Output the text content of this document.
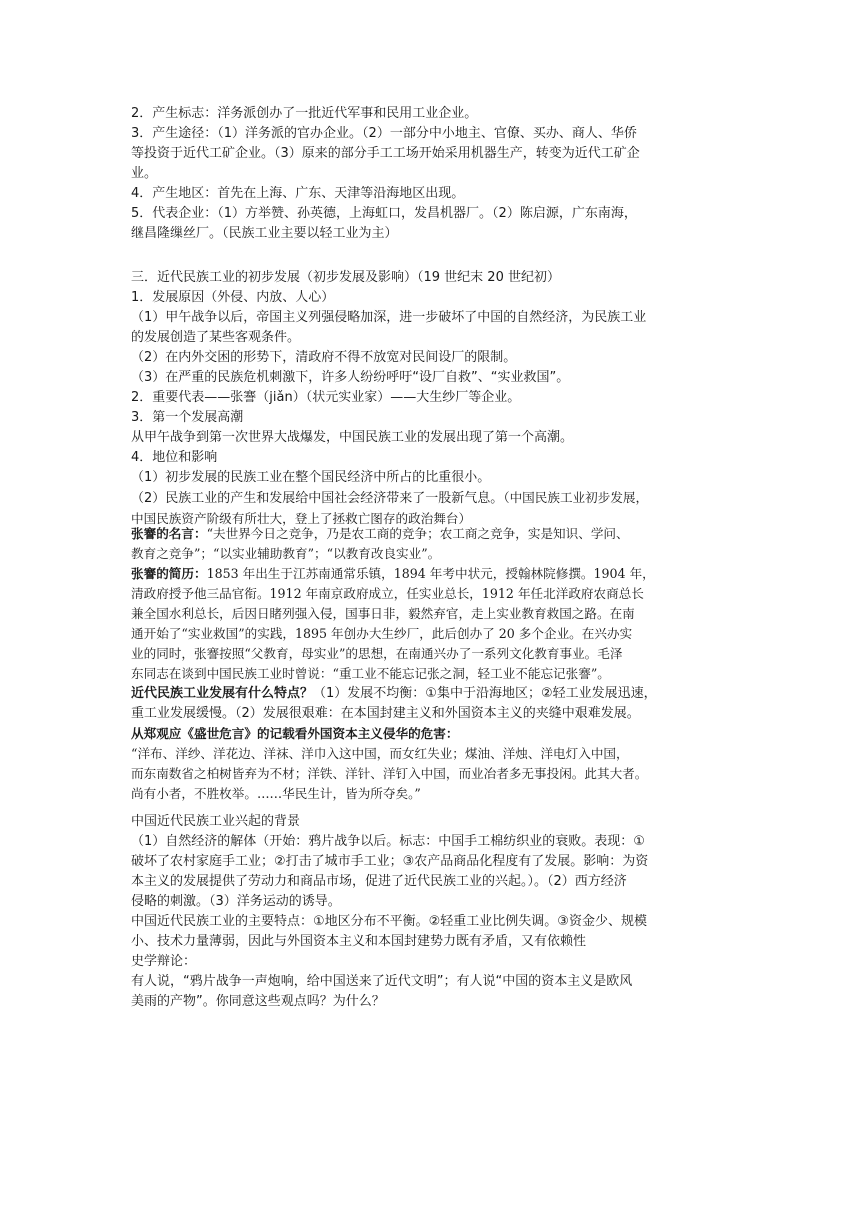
2．产生标志：洋务派创办了一批近代军事和民用工业企业。
3．产生途径：（1）洋务派的官办企业。（2）一部分中小地主、官僚、买办、商人、华侨
等投资于近代工矿企业。（3）原来的部分手工工场开始采用机器生产，转变为近代工矿企
业。
4．产生地区：首先在上海、广东、天津等沿海地区出现。
5．代表企业：（1）方举赞、孙英德，上海虹口，发昌机器厂。（2）陈启源，广东南海，
继昌隆缫丝厂。（民族工业主要以轻工业为主）
三．近代民族工业的初步发展（初步发展及影响）（19 世纪末 20 世纪初）
1．发展原因（外侵、内放、人心）
（1）甲午战争以后，帝国主义列强侵略加深，进一步破坏了中国的自然经济，为民族工业
的发展创造了某些客观条件。
（2）在内外交困的形势下，清政府不得不放宽对民间设厂的限制。
（3）在严重的民族危机刺激下，许多人纷纷呼吁“设厂自救”、“实业救国”。
2．重要代表——张謇（jiǎn）（状元实业家）——大生纱厂等企业。
3．第一个发展高潮
从甲午战争到第一次世界大战爆发，中国民族工业的发展出现了第一个高潮。
4．地位和影响
（1）初步发展的民族工业在整个国民经济中所占的比重很小。
（2）民族工业的产生和发展给中国社会经济带来了一股新气息。（中国民族工业初步发展，
中国民族资产阶级有所壮大，登上了拯救亡图存的政治舞台）
张謇的名言：“夫世界今日之竞争，乃是农工商的竞争；农工商之竞争，实是知识、学问、
教育之竞争”；“以实业辅助教育”；“以教育改良实业”。
张謇的简历：1853 年出生于江苏南通常乐镇，1894 年考中状元，授翰林院修撰。1904 年，
清政府授予他三品官衔。1912 年南京政府成立，任实业总长，1912 年任北洋政府农商总长
兼全国水利总长，后因日睹列强入侵，国事日非，毅然弃官，走上实业教育救国之路。在南
通开始了“实业救国”的实践，1895 年创办大生纱厂，此后创办了 20 多个企业。在兴办实
业的同时，张謇按照“父教育，母实业”的思想，在南通兴办了一系列文化教育事业。毛泽
东同志在谈到中国民族工业时曾说：“重工业不能忘记张之洞，轻工业不能忘记张謇”。
近代民族工业发展有什么特点？（1）发展不均衡：①集中于沿海地区；②轻工业发展迅速，
重工业发展缓慢。（2）发展很艰难：在本国封建主义和外国资本主义的夹缝中艰难发展。
从郑观应《盛世危言》的记载看外国资本主义侵华的危害：
“洋布、洋纱、洋花边、洋袜、洋巾入这中国，而女红失业；煤油、洋烛、洋电灯入中国，
而东南数省之柏树皆弃为不材；洋铁、洋针、洋钉入中国，而业冶者多无事投闲。此其大者。
尚有小者，不胜枚举。……华民生计，皆为所夺矣。”
中国近代民族工业兴起的背景
（1）自然经济的解体（开始：鸦片战争以后。标志：中国手工棉纺织业的衰败。表现：①
破坏了农村家庭手工业；②打击了城市手工业；③农产品商品化程度有了发展。影响：为资
本主义的发展提供了劳动力和商品市场，促进了近代民族工业的兴起。）。（2）西方经济
侵略的刺激。（3）洋务运动的诱导。
中国近代民族工业的主要特点：①地区分布不平衡。②轻重工业比例失调。③资金少、规模
小、技术力量薄弱，因此与外国资本主义和本国封建势力既有矛盾，又有依赖性
史学辩论：
有人说，“鸦片战争一声炮响，给中国送来了近代文明”；有人说“中国的资本主义是欧风
美雨的产物”。你同意这些观点吗？为什么？
